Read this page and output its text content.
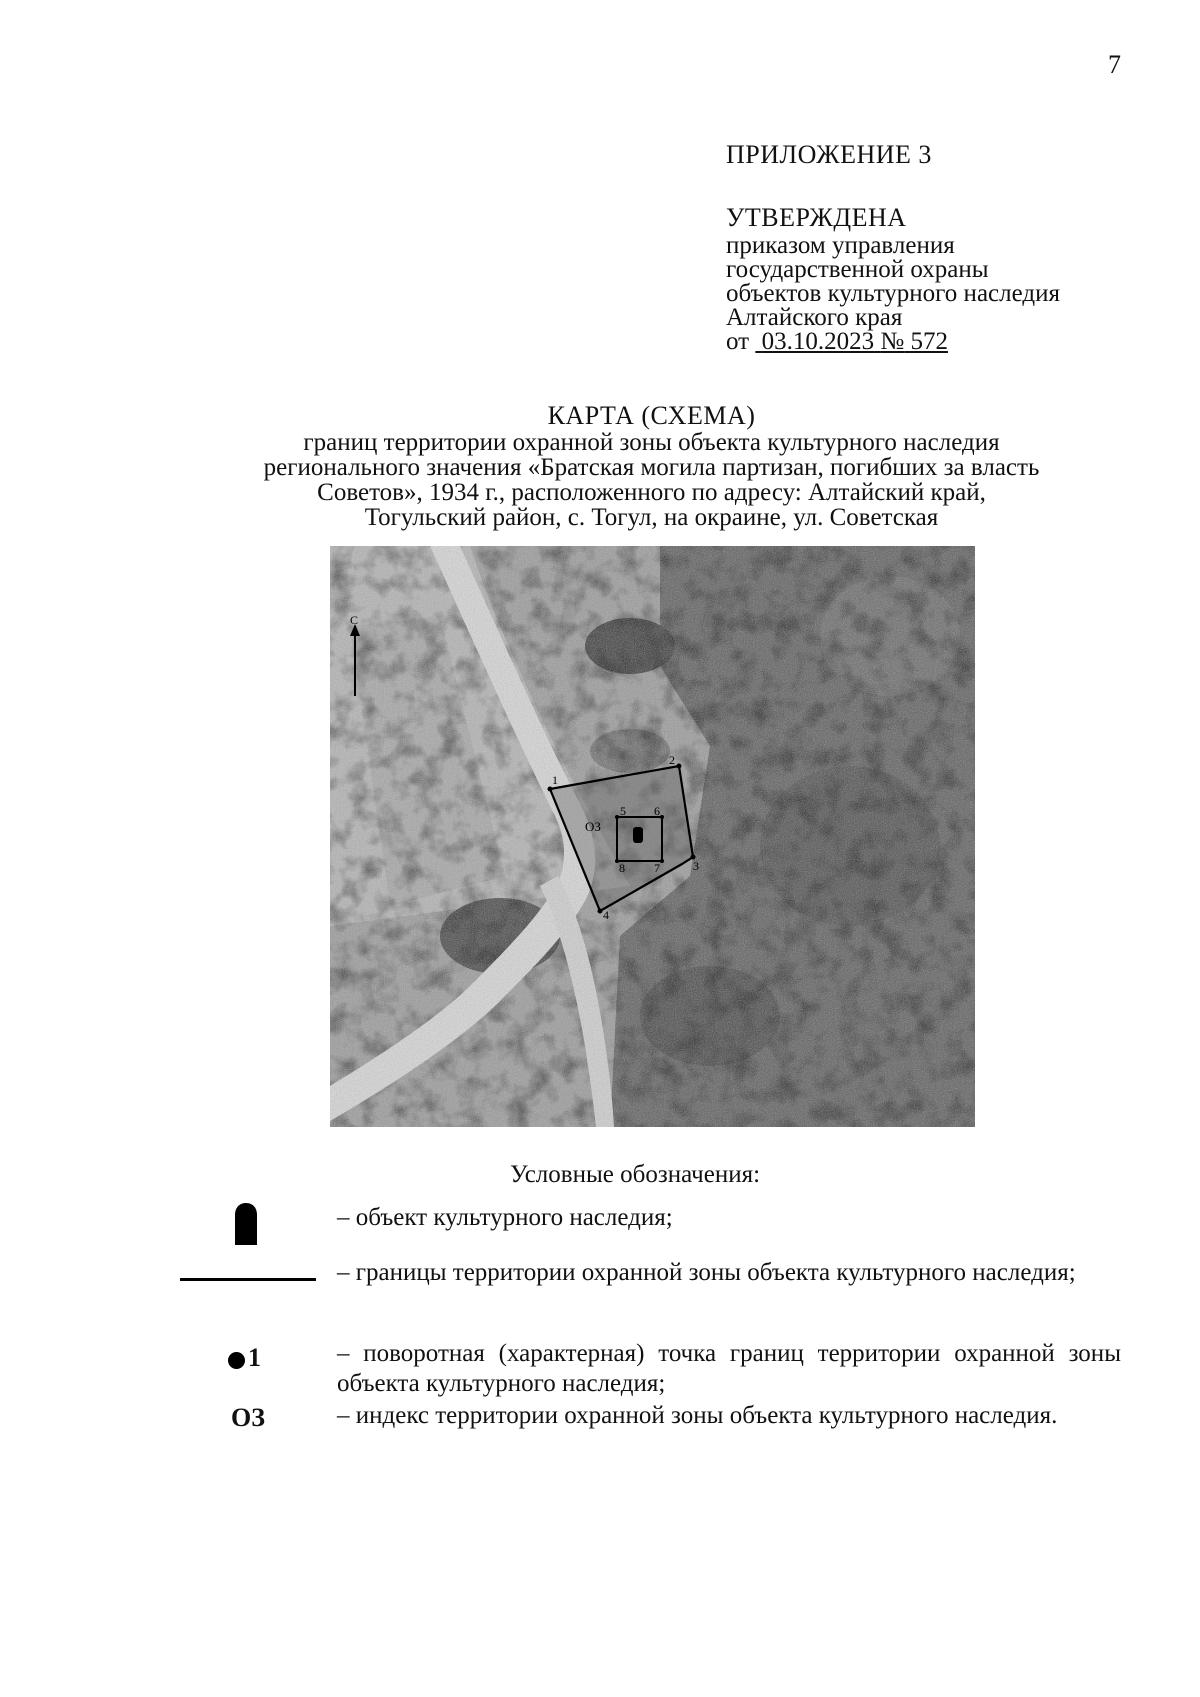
7
ПРИЛОЖЕНИЕ 3
УТВЕРЖДЕНА
приказом управления
государственной охраны
объектов культурного наследия
Алтайского края
от 03.10.2023 № 572
КАРТА (СХЕМА)
границ территории охранной зоны объекта культурного наследия
регионального значения «Братская могила партизан, погибших за власть
Советов», 1934 г., расположенного по адресу: Алтайский край,
Тогульский район, с. Тогул, на окраине, ул. Советская
С
ОЗ
1
2
3
4
5 6
7
8
Условные обозначения:
– объект культурного наследия;
– границы территории охранной зоны объекта культурного наследия;
1	– поворотная (характерная) точка границ территории охранной зоны объекта культурного наследия;
ОЗ	– индекс территории охранной зоны объекта культурного наследия.
